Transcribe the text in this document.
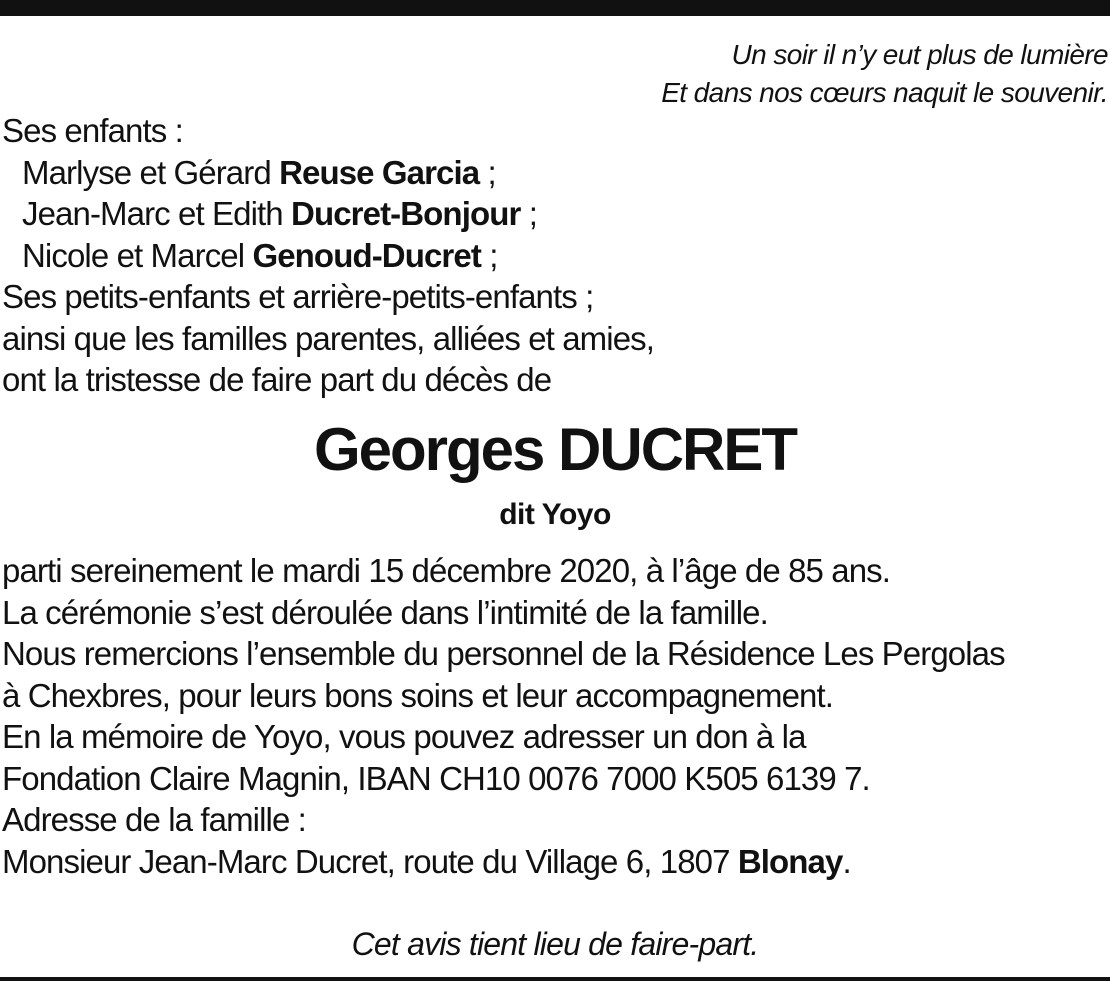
Un soir il n’y eut plus de lumière
Et dans nos cœurs naquit le souvenir.
Ses enfants :
Marlyse et Gérard Reuse Garcia ;
Jean-Marc et Edith Ducret-Bonjour ;
Nicole et Marcel Genoud-Ducret ;
Ses petits-enfants et arrière-petits-enfants ;
ainsi que les familles parentes, alliées et amies,
ont la tristesse de faire part du décès de
Georges DUCRET
dit Yoyo
parti sereinement le mardi 15 décembre 2020, à l’âge de 85 ans.
La cérémonie s’est déroulée dans l’intimité de la famille.
Nous remercions l’ensemble du personnel de la Résidence Les Pergolas
à Chexbres, pour leurs bons soins et leur accompagnement.
En la mémoire de Yoyo, vous pouvez adresser un don à la
Fondation Claire Magnin, IBAN CH10 0076 7000 K505 6139 7.
Adresse de la famille :
Monsieur Jean-Marc Ducret, route du Village 6, 1807 Blonay.
Cet avis tient lieu de faire-part.
